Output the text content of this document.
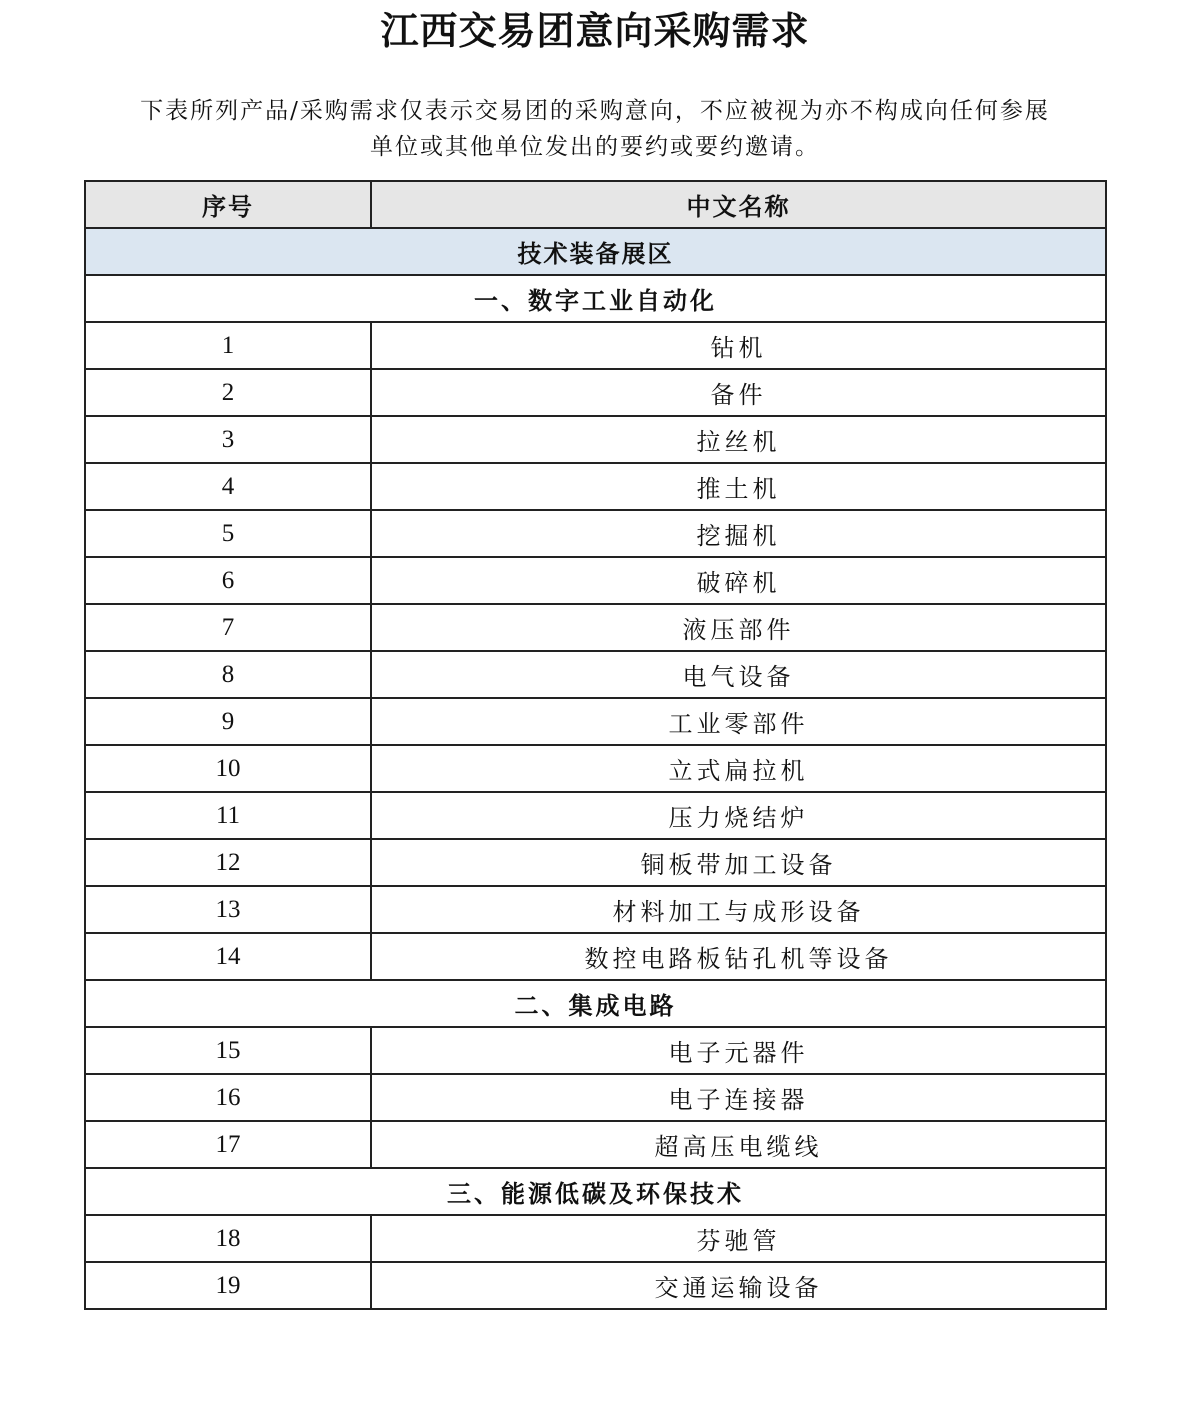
江西交易团意向采购需求
下表所列产品/采购需求仅表示交易团的采购意向，不应被视为亦不构成向任何参展
单位或其他单位发出的要约或要约邀请。
序号	中文名称
技术装备展区	
一、数字工业自动化	
1	钻机
2	备件
3	拉丝机
4	推土机
5	挖掘机
6	破碎机
7	液压部件
8	电气设备
9	工业零部件
10	立式扁拉机
11	压力烧结炉
12	铜板带加工设备
13	材料加工与成形设备
14	数控电路板钻孔机等设备
二、集成电路	
15	电子元器件
16	电子连接器
17	超高压电缆线
三、能源低碳及环保技术	
18	芬驰管
19	交通运输设备
